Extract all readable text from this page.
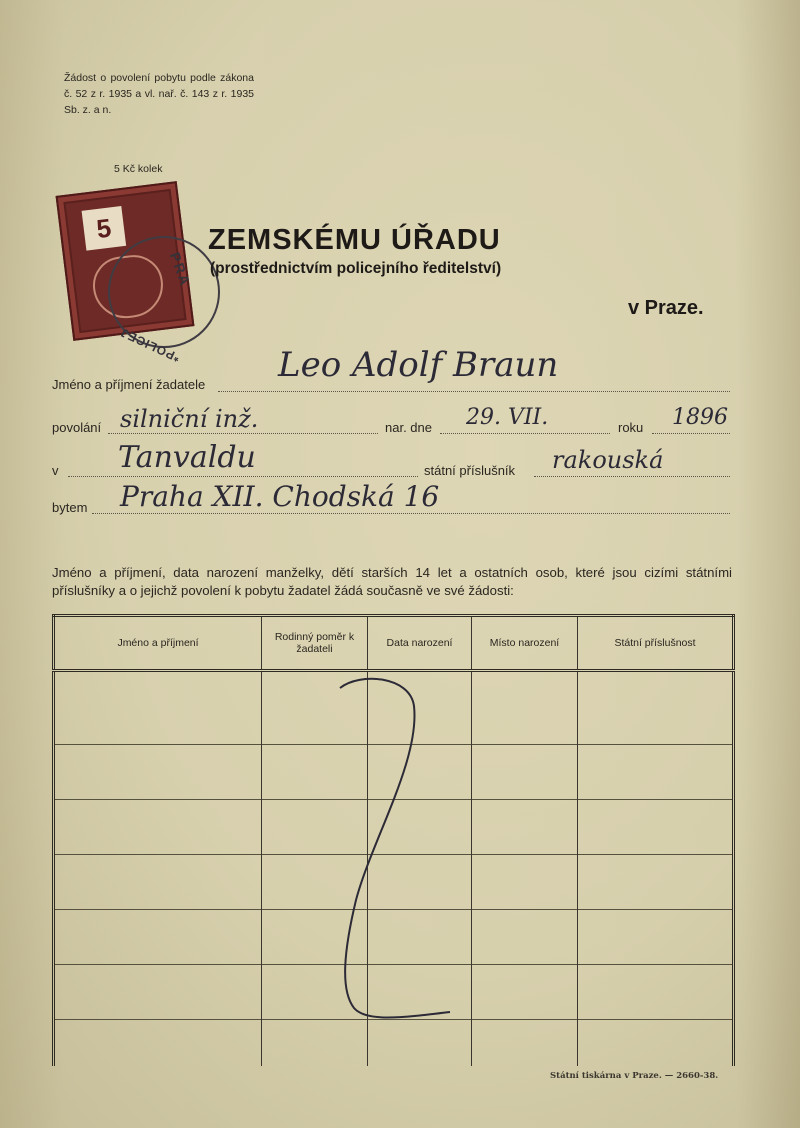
Žádost o povolení pobytu podle zákona č. 52 z r. 1935 a vl. nař. č. 143 z r. 1935 Sb. z. a n.
5 Kč kolek
5
PRA
*POLICEJ
ZEMSKÉMU ÚŘADU
(prostřednictvím policejního ředitelství)
v Praze.
Jméno a příjmení žadatele Leo Adolf Braun
povolání silniční inž.	nar. dne 29. VII.	roku 1896
v Tanvaldu	státní příslušník rakouská
bytem Praha XII. Chodská 16
Jméno a příjmení, data narození manželky, dětí starších 14 let a ostatních osob, které jsou cizími státními příslušníky a o jejichž povolení k pobytu žadatel žádá současně ve své žádosti:
Jméno a příjmení	Rodinný poměr k žadateli	Data narození	Místo narození	Státní příslušnost

Státní tiskárna v Praze. — 2660-38.
